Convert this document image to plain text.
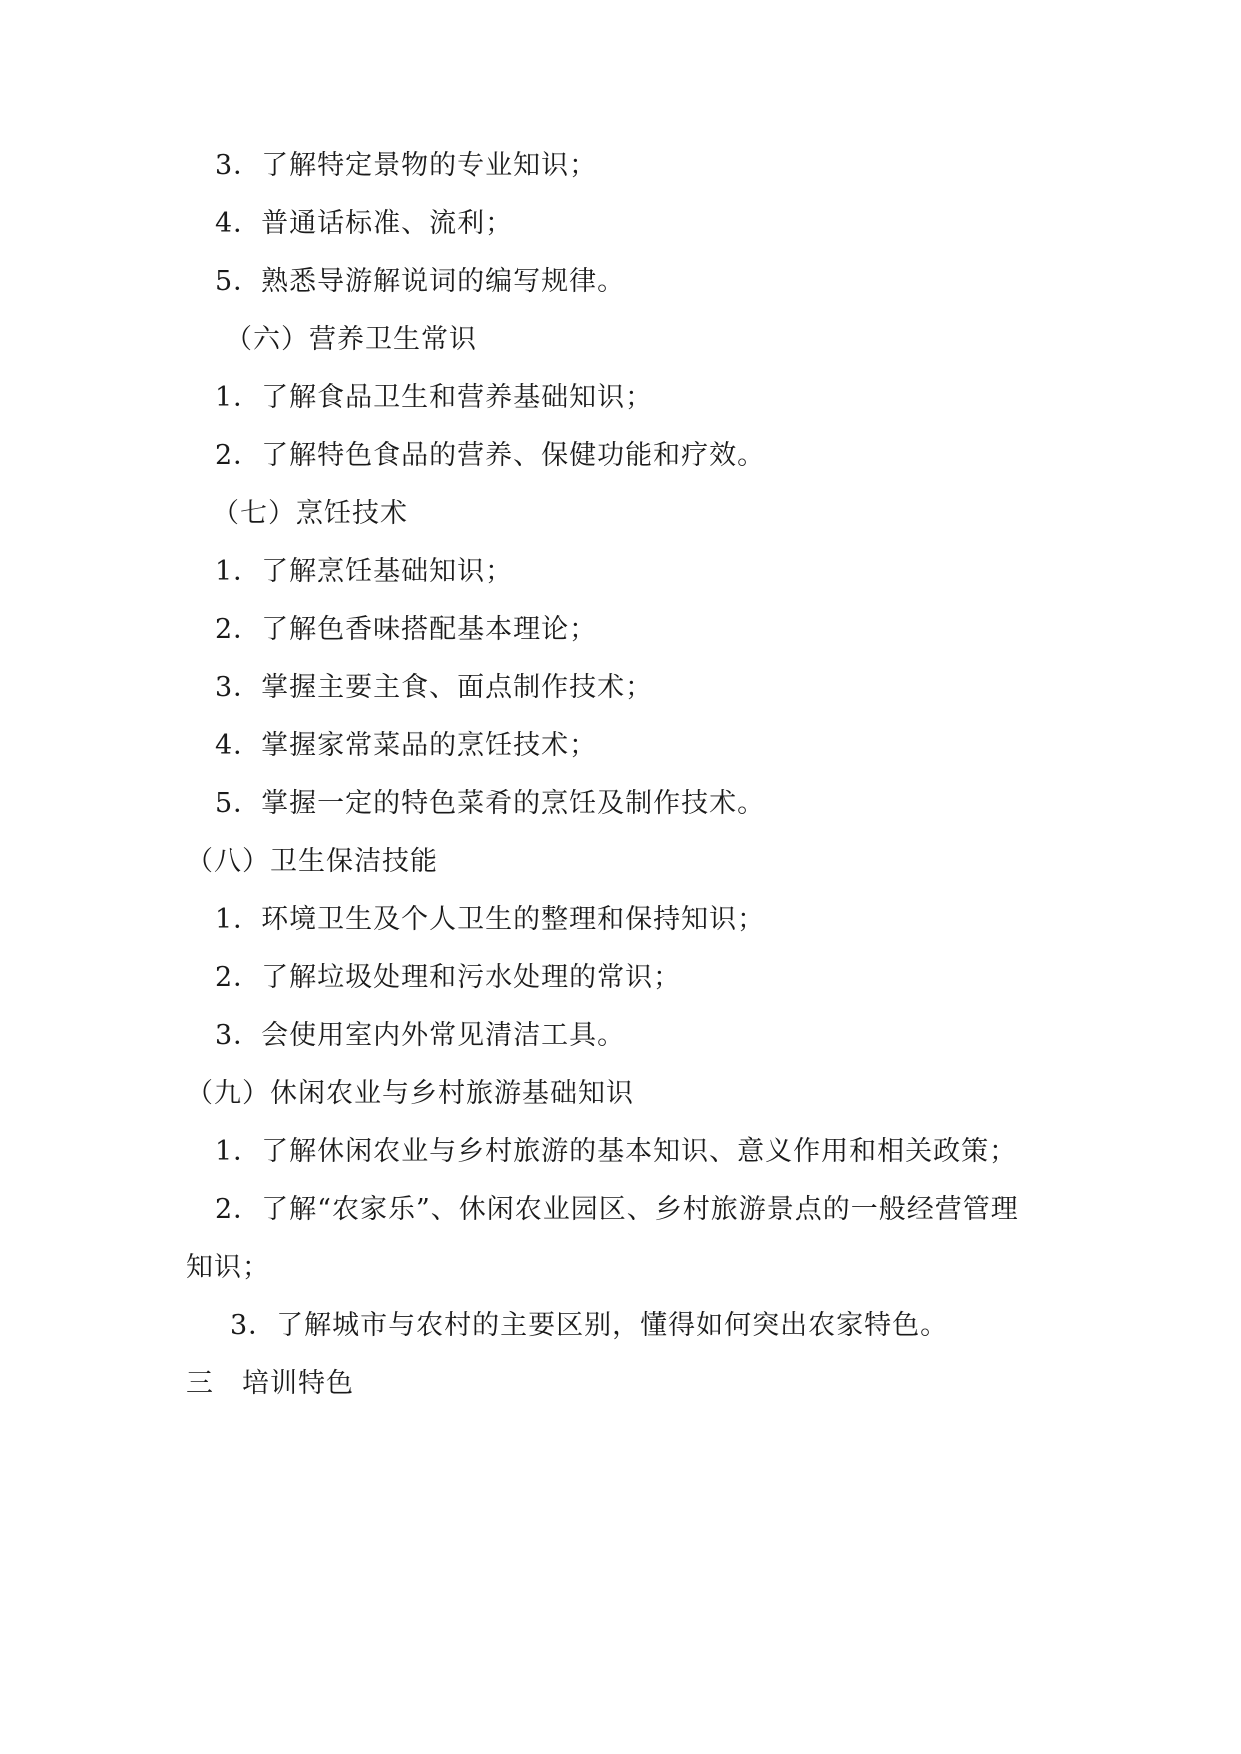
3．了解特定景物的专业知识；
4．普通话标准、流利；
5．熟悉导游解说词的编写规律。
（六）营养卫生常识
1．了解食品卫生和营养基础知识；
2．了解特色食品的营养、保健功能和疗效。
（七）烹饪技术
1．了解烹饪基础知识；
2．了解色香味搭配基本理论；
3．掌握主要主食、面点制作技术；
4．掌握家常菜品的烹饪技术；
5．掌握一定的特色菜肴的烹饪及制作技术。
（八）卫生保洁技能
1．环境卫生及个人卫生的整理和保持知识；
2．了解垃圾处理和污水处理的常识；
3．会使用室内外常见清洁工具。
（九）休闲农业与乡村旅游基础知识
1．了解休闲农业与乡村旅游的基本知识、意义作用和相关政策；
2．了解“农家乐”、休闲农业园区、乡村旅游景点的一般经营管理
知识；
3．了解城市与农村的主要区别，懂得如何突出农家特色。
三　培训特色
